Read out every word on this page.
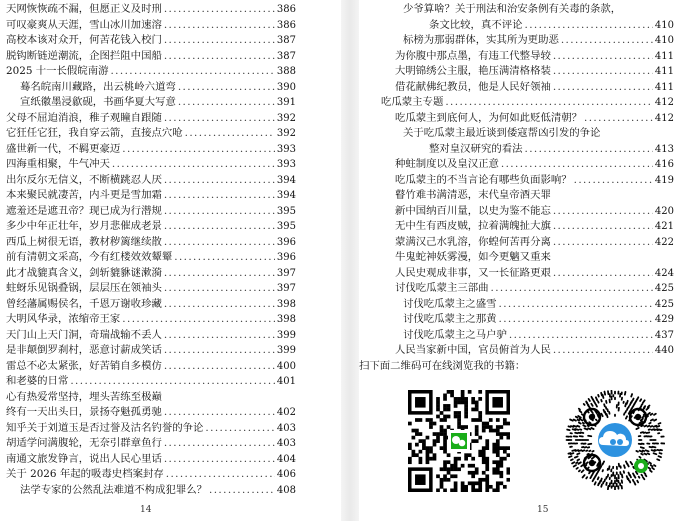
天网恢恢疏不漏，但愿正义及时刑 .....	386
可叹豪爽从天涯，雪山冰川加速溶 .....	386
高校本该对众开，何苦花钱入校门 .....	387
脱钩断链逆潮流，企图拦阻中国船 .....	387
2025 十一长假皖南游 .....	388
蓦名皖南川藏路，出云桃岭六道弯 .....	390
宣纸徽墨浸歙砚，书画华夏大写意 .....	391
父母不屈迫消浪，稚子观瞳自跟随 .....	392
它狂任它狂，我自穿云箭，直接点穴呛 .....	392
盛世新一代，不羁更豪迈 .....	393
四海重相聚，牛气冲天 .....	393
出尔反尔无信义，不断横跳忍人厌 .....	394
本来聚民就凄苦，内斗更是雪加霜 .....	394
遮羞还是遮丑帝？现已成为行潜规 .....	395
多少中年正壮年，岁月悲催成老景 .....	395
西瓜上树很无语，教材秽篱继续散 .....	396
前有清朝文采高，今有红楼效效颦颦 .....	396
此才战貔真含义，剑斩貔貅谜漱漪 .....	397
蛀蚜乐见锅叠锅，层层压在领袖头 .....	397
曾经藩属赐侯名，千恩万谢收珍藏 .....	398
大明风华录，浓缩帝王家 .....	398
天门山上天门洞，奇瑞战输不丢人 .....	399
是非颠倒罗刹村，恶意讨薪成笑话 .....	399
雷总不必太紧张，好苦销自多模仿 .....	400
和老婆的日常 .....	401
心有热爱常坚持，埋头苦练至极巅
终有一天出头日，景扬夺魁孤勇驰 .....	402
知乎关于刘道玉是否过誉及沽名钓誉的争论 .....	403
胡适学问满腹轮，无奈引群章鱼行 .....	403
南通文旅发铮言，说出人民心里话 .....	404
关于 2026 年起的吸毒史档案封存 .....	406
法学专家的公然乱法难道不构成犯罪么？ .....	408
14
少爷算啥？关于刑法和治安条例有关毒的条款，
条文比较，真不评论 .....	410
标榜为那弱群体，实其所为更助恶 .....	410
为你腹中那点墨，有违工代整导较 .....	411
大明锦绣公主服，艳压满清格格装 .....	411
借花献佛纪教员，他是人民好领袖 .....	411
吃瓜蒙主专题 .....	412
吃瓜蒙主到底何人，为何如此贬低清朝？ .....	412
关于吃瓜蒙主最近谈到倭寇帮凶引发的争论
整对皇汉研究的看法 .....	413
种蛀制度以及皇汉正意 .....	416
吃瓜蒙主的不当言论有哪些负面影响？ .....	419
瞽竹难书满清恶，末代皇帝酒天罪
新中国纳百川量，以史为鉴不能忘 .....	420
无中生有西皮贼，拉着满魄扯大旗 .....	421
蒙满汉己水乳溶，你蝗何苦再分离 .....	422
牛鬼蛇神妖雾漫，如今更魑又重来
人民史观成非事，又一长征路更艰 .....	424
讨伐吃瓜蒙主三部曲 .....	425
讨伐吃瓜蒙主之盛雪 .....	425
讨伐吃瓜蒙主之那黄 .....	429
讨伐吃瓜蒙主之马户驴 .....	437
人民当家新中国，官员俯首为人民 .....	440
扫下面二维码可在线浏览我的书籍：
15
